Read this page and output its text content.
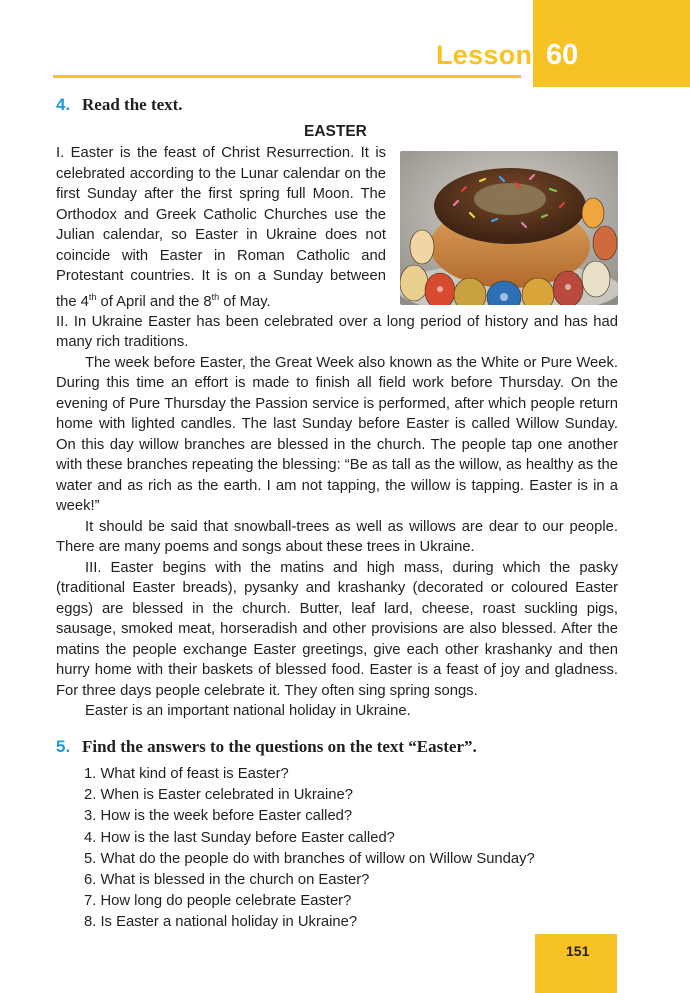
Lesson 60
4. Read the text.
EASTER

I. Easter is the feast of Christ Resurrection. It is celebrated according to the Lunar calendar on the first Sunday after the first spring full Moon. The Orthodox and Greek Catholic Churches use the Julian calendar, so Easter in Ukraine does not coincide with Easter in Roman Catholic and Protestant countries. It is on a Sunday between the 4th of April and the 8th of May.

II. In Ukraine Easter has been celebrated over a long period of history and has had many rich traditions.

The week before Easter, the Great Week also known as the White or Pure Week. During this time an effort is made to finish all field work before Thursday. On the evening of Pure Thursday the Passion service is performed, after which people return home with lighted candles. The last Sunday before Easter is called Willow Sunday. On this day willow branches are blessed in the church. The people tap one another with these branches repeating the blessing: “Be as tall as the willow, as healthy as the water and as rich as the earth. I am not tapping, the willow is tapping. Easter is in a week!”

It should be said that snowball-trees as well as willows are dear to our people. There are many poems and songs about these trees in Ukraine.

III. Easter begins with the matins and high mass, during which the pasky (traditional Easter breads), pysanky and krashanky (decorated or coloured Easter eggs) are blessed in the church. Butter, leaf lard, cheese, roast suckling pigs, sausage, smoked meat, horseradish and other provisions are also blessed. After the matins the people exchange Easter greetings, give each other krashanky and then hurry home with their baskets of blessed food. Easter is a feast of joy and gladness. For three days people celebrate it. They often sing spring songs.

Easter is an important national holiday in Ukraine.

5. Find the answers to the questions on the text “Easter”.
1. What kind of feast is Easter?
2. When is Easter celebrated in Ukraine?
3. How is the week before Easter called?
4. How is the last Sunday before Easter called?
5. What do the people do with branches of willow on Willow Sunday?
6. What is blessed in the church on Easter?
7. How long do people celebrate Easter?
8. Is Easter a national holiday in Ukraine?
151
